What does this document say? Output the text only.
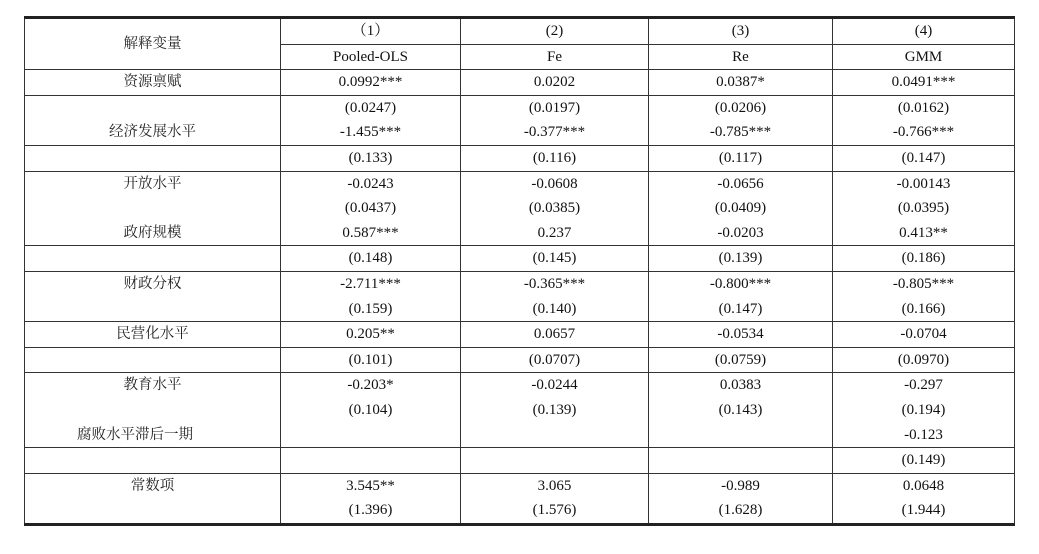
解释变量	（1）	(2)	(3)	(4)
	Pooled-OLS	Fe	Re	GMM
资源禀赋	0.0992***	0.0202	0.0387*	0.0491***
	(0.0247)	(0.0197)	(0.0206)	(0.0162)
经济发展水平	-1.455***	-0.377***	-0.785***	-0.766***
	(0.133)	(0.116)	(0.117)	(0.147)
开放水平	-0.0243	-0.0608	-0.0656	-0.00143
	(0.0437)	(0.0385)	(0.0409)	(0.0395)
政府规模	0.587***	0.237	-0.0203	0.413**
	(0.148)	(0.145)	(0.139)	(0.186)
财政分权	-2.711***	-0.365***	-0.800***	-0.805***
	(0.159)	(0.140)	(0.147)	(0.166)
民营化水平	0.205**	0.0657	-0.0534	-0.0704
	(0.101)	(0.0707)	(0.0759)	(0.0970)
教育水平	-0.203*	-0.0244	0.0383	-0.297
	(0.104)	(0.139)	(0.143)	(0.194)
腐败水平滞后一期				-0.123
				(0.149)
常数项	3.545**	3.065	-0.989	0.0648
	(1.396)	(1.576)	(1.628)	(1.944)
